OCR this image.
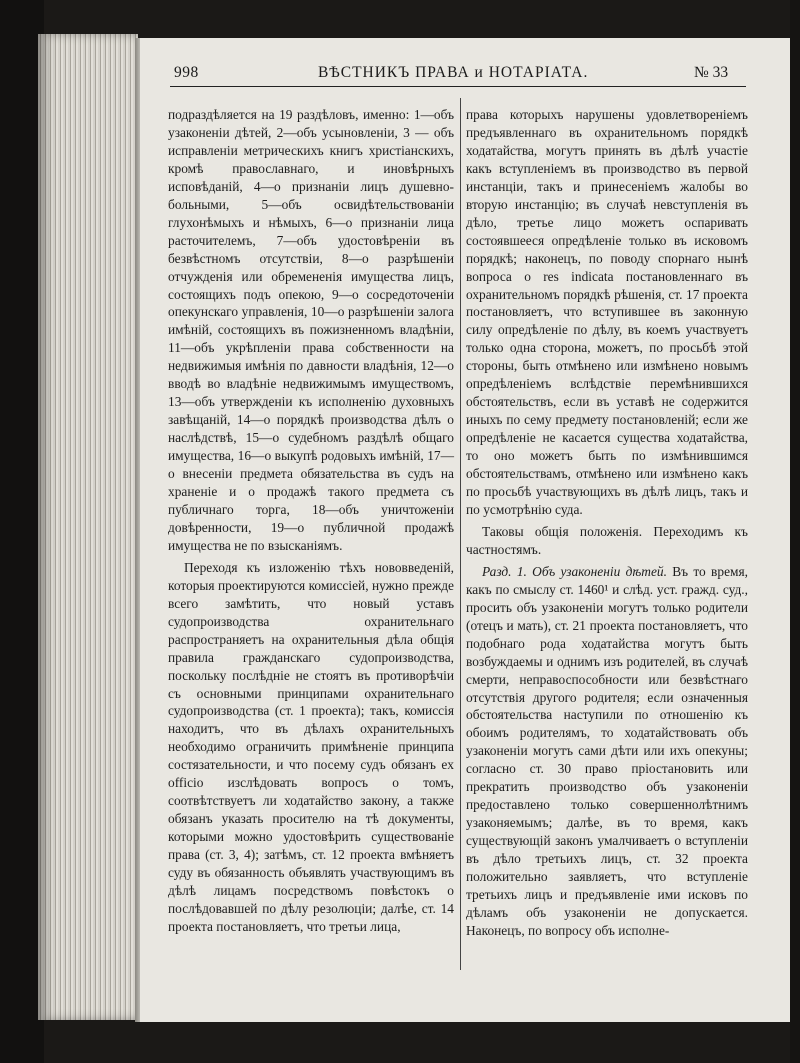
998	ВѢСТНИКЪ ПРАВА и НОТАРІАТА.	№ 33

подраздѣляется на 19 раздѣловъ, именно: 1—объ узаконеніи дѣтей, 2—объ усыновленіи, 3 — объ исправленіи метрическихъ книгъ христіанскихъ, кромѣ православнаго, и иновѣрныхъ исповѣданій, 4—о признаніи лицъ душевно-больными, 5—объ освидѣтельствованіи глухонѣмыхъ и нѣмыхъ, 6—о признаніи лица расточителемъ, 7—объ удостовѣреніи въ безвѣстномъ отсутствіи, 8—о разрѣшеніи отчужденія или обремененія имущества лицъ, состоящихъ подъ опекою, 9—о сосредоточеніи опекунскаго управленія, 10—о разрѣшеніи залога имѣній, состоящихъ въ пожизненномъ владѣніи, 11—объ укрѣпленіи права собственности на недвижимыя имѣнія по давности владѣнія, 12—о вводѣ во владѣніе недвижимымъ имуществомъ, 13—объ утвержденіи къ исполненію духовныхъ завѣщаній, 14—о порядкѣ производства дѣлъ о наслѣдствѣ, 15—о судебномъ раздѣлѣ общаго имущества, 16—о выкупѣ родовыхъ имѣній, 17—о внесеніи предмета обязательства въ судъ на храненіе и о продажѣ такого предмета съ публичнаго торга, 18—объ уничтоженіи довѣренности, 19—о публичной продажѣ имущества не по взысканіямъ.

Переходя къ изложенію тѣхъ нововведеній, которыя проектируются комиссіей, нужно прежде всего замѣтить, что новый уставъ судопроизводства охранительнаго распространяетъ на охранительныя дѣла общія правила гражданскаго судопроизводства, поскольку послѣдніе не стоятъ въ противорѣчіи съ основными принципами охранительнаго судопроизводства (ст. 1 проекта); такъ, комиссія находитъ, что въ дѣлахъ охранительныхъ необходимо ограничить примѣненіе принципа состязательности, и что посему судъ обязанъ ex officio изслѣдовать вопросъ о томъ, соотвѣтствуетъ ли ходатайство закону, а также обязанъ указать просителю на тѣ документы, которыми можно удостовѣрить существованіе права (ст. 3, 4); затѣмъ, ст. 12 проекта вмѣняетъ суду въ обязанность объявлять участвующимъ въ дѣлѣ лицамъ посредствомъ повѣстокъ о послѣдовавшей по дѣлу резолюціи; далѣе, ст. 14 проекта постановляетъ, что третьи лица,

права которыхъ нарушены удовлетвореніемъ предъявленнаго въ охранительномъ порядкѣ ходатайства, могутъ принять въ дѣлѣ участіе какъ вступленіемъ въ производство въ первой инстанціи, такъ и принесеніемъ жалобы во вторую инстанцію; въ случаѣ невступленія въ дѣло, третье лицо можетъ оспаривать состоявшееся опредѣленіе только въ исковомъ порядкѣ; наконецъ, по поводу спорнаго нынѣ вопроса о res indicata постановленнаго въ охранительномъ порядкѣ рѣшенія, ст. 17 проекта постановляетъ, что вступившее въ законную силу опредѣленіе по дѣлу, въ коемъ участвуетъ только одна сторона, можетъ, по просьбѣ этой стороны, быть отмѣнено или измѣнено новымъ опредѣленіемъ вслѣдствіе перемѣнившихся обстоятельствъ, если въ уставѣ не содержится иныхъ по сему предмету постановленій; если же опредѣленіе не касается существа ходатайства, то оно можетъ быть по измѣнившимся обстоятельствамъ, отмѣнено или измѣнено какъ по просьбѣ участвующихъ въ дѣлѣ лицъ, такъ и по усмотрѣнію суда.

Таковы общія положенія. Переходимъ къ частностямъ.

Разд. 1. Объ узаконеніи дѣтей. Въ то время, какъ по смыслу ст. 1460¹ и слѣд. уст. гражд. суд., просить объ узаконеніи могутъ только родители (отецъ и мать), ст. 21 проекта постановляетъ, что подобнаго рода ходатайства могутъ быть возбуждаемы и однимъ изъ родителей, въ случаѣ смерти, неправоспособности или безвѣстнаго отсутствія другого родителя; если означенныя обстоятельства наступили по отношенію къ обоимъ родителямъ, то ходатайствовать объ узаконеніи могутъ сами дѣти или ихъ опекуны; согласно ст. 30 право пріостановить или прекратить производство объ узаконеніи предоставлено только совершеннолѣтнимъ узаконяемымъ; далѣе, въ то время, какъ существующій законъ умалчиваетъ о вступленіи въ дѣло третьихъ лицъ, ст. 32 проекта положительно заявляетъ, что вступленіе третьихъ лицъ и предъявленіе ими исковъ по дѣламъ объ узаконеніи не допускается. Наконецъ, по вопросу объ исполне-
